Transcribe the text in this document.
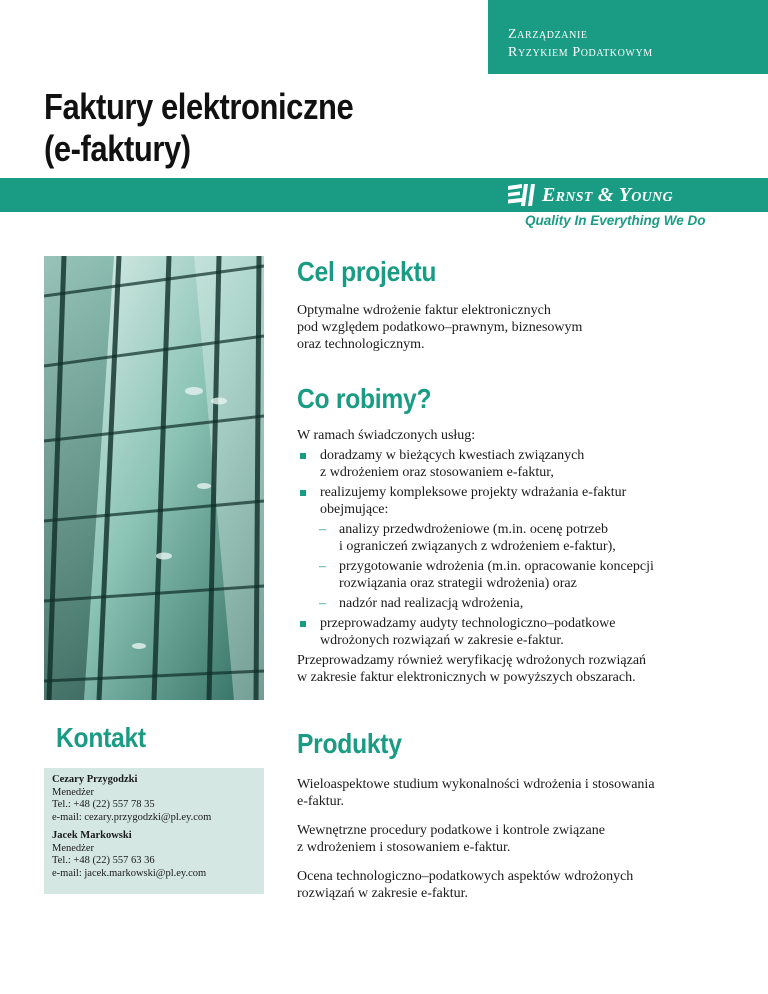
Zarządzanie
Ryzykiem Podatkowym
Faktury elektroniczne
(e-faktury)
Ernst & Young
Quality In Everything We Do
Cel projektu
Optymalne wdrożenie faktur elektronicznych
pod względem podatkowo–prawnym, biznesowym
oraz technologicznym.
Co robimy?
W ramach świadczonych usług:
doradzamy w bieżących kwestiach związanych
z wdrożeniem oraz stosowaniem e-faktur,
realizujemy kompleksowe projekty wdrażania e-faktur
obejmujące:
– analizy przedwdrożeniowe (m.in. ocenę potrzeb
i ograniczeń związanych z wdrożeniem e-faktur),
– przygotowanie wdrożenia (m.in. opracowanie koncepcji
rozwiązania oraz strategii wdrożenia) oraz
– nadzór nad realizacją wdrożenia,
przeprowadzamy audyty technologiczno–podatkowe
wdrożonych rozwiązań w zakresie e-faktur.
Przeprowadzamy również weryfikację wdrożonych rozwiązań
w zakresie faktur elektronicznych w powyższych obszarach.
Kontakt
Cezary Przygodzki
Menedżer
Tel.: +48 (22) 557 78 35
e-mail: cezary.przygodzki@pl.ey.com
Jacek Markowski
Menedżer
Tel.: +48 (22) 557 63 36
e-mail: jacek.markowski@pl.ey.com
Produkty

Wieloaspektowe studium wykonalności wdrożenia i stosowania
e-faktur.

Wewnętrzne procedury podatkowe i kontrole związane
z wdrożeniem i stosowaniem e-faktur.

Ocena technologiczno–podatkowych aspektów wdrożonych
rozwiązań w zakresie e-faktur.
